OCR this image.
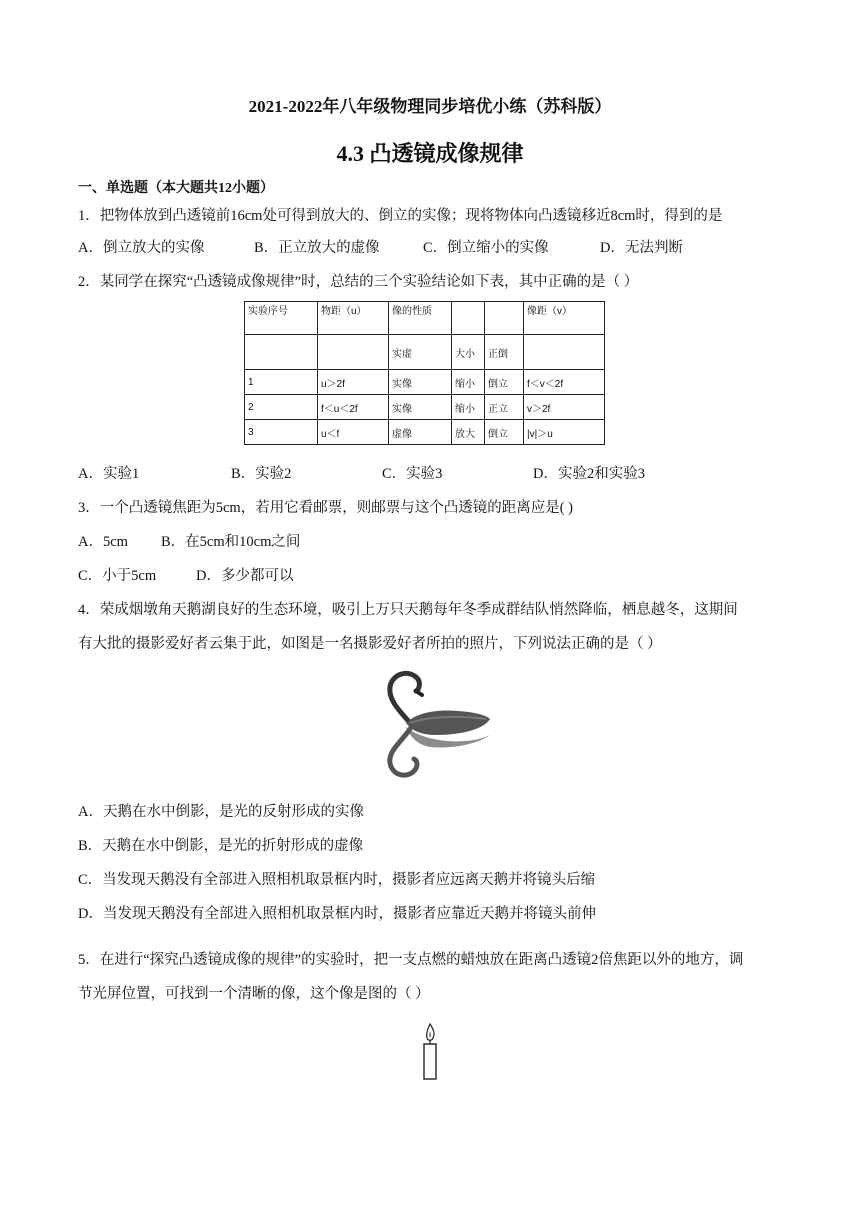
2021-2022年八年级物理同步培优小练（苏科版）
4.3 凸透镜成像规律
一、单选题（本大题共12小题）
1．把物体放到凸透镜前16cm处可得到放大的、倒立的实像；现将物体向凸透镜移近8cm时，得到的是
A．倒立放大的实像	B．正立放大的虚像	C．倒立缩小的实像	D．无法判断
2．某同学在探究“凸透镜成像规律”时，总结的三个实验结论如下表，其中正确的是（ ）
实验序号	物距（u）	像的性质			像距（v）
		实虚	大小	正倒	
1	u＞2f	实像	缩小	倒立	f＜v＜2f
2	f＜u＜2f	实像	缩小	正立	v＞2f
3	u＜f	虚像	放大	倒立	|v|＞u
A．实验1	B．实验2	C．实验3	D．实验2和实验3
3．一个凸透镜焦距为5cm，若用它看邮票，则邮票与这个凸透镜的距离应是( )
A．5cm B．在5cm和10cm之间
C．小于5cm	D．多少都可以
4．荣成烟墩角天鹅湖良好的生态环境，吸引上万只天鹅每年冬季成群结队悄然降临，栖息越冬，这期间
有大批的摄影爱好者云集于此，如图是一名摄影爱好者所拍的照片，下列说法正确的是（ ）
A．天鹅在水中倒影，是光的反射形成的实像
B．天鹅在水中倒影，是光的折射形成的虚像
C．当发现天鹅没有全部进入照相机取景框内时，摄影者应远离天鹅并将镜头后缩
D．当发现天鹅没有全部进入照相机取景框内时，摄影者应靠近天鹅并将镜头前伸
5．在进行“探究凸透镜成像的规律”的实验时，把一支点燃的蜡烛放在距离凸透镜2倍焦距以外的地方，调
节光屏位置，可找到一个清晰的像，这个像是图的（ ）
